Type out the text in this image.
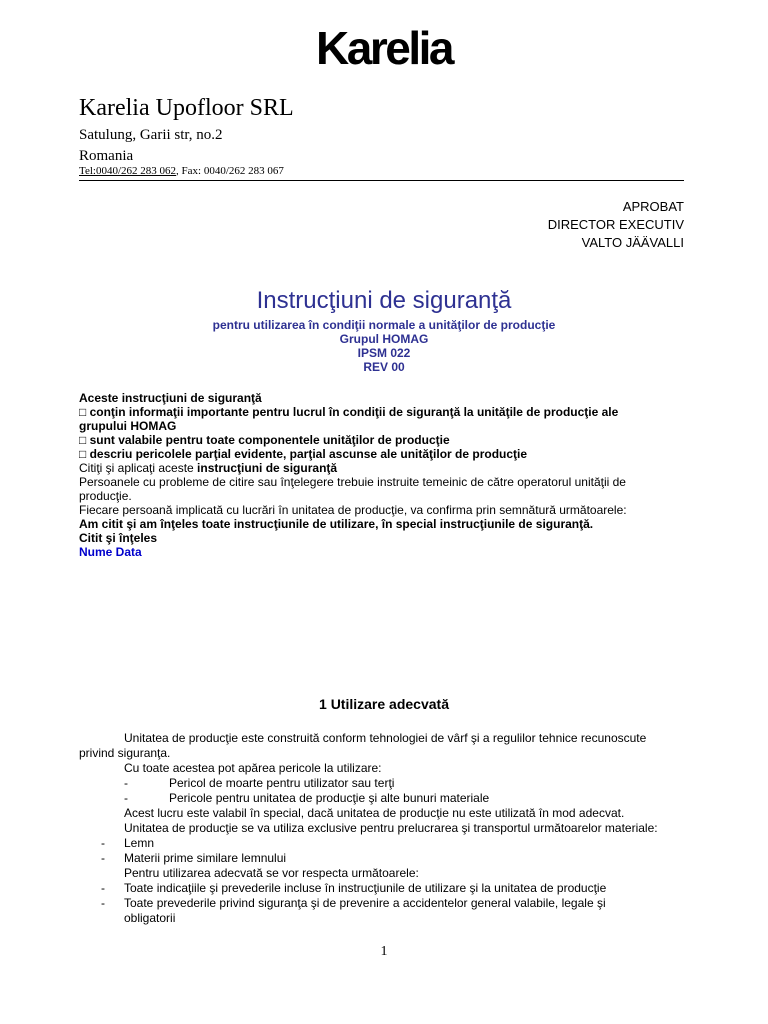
Karelia
Karelia Upofloor SRL
Satulung, Garii str, no.2
Romania
Tel:0040/262 283 062, Fax: 0040/262 283 067
APROBAT
DIRECTOR EXECUTIV
VALTO JÄÄVALLI
Instrucţiuni de siguranţă
pentru utilizarea în condiţii normale a unităţilor de producţie
Grupul HOMAG
IPSM 022
REV 00
Aceste instrucţiuni de siguranţă
□ conţin informaţii importante pentru lucrul în condiţii de siguranţă la unităţile de producţie ale
grupului HOMAG
□ sunt valabile pentru toate componentele unităţilor de producţie
□ descriu pericolele parţial evidente, parţial ascunse ale unităţilor de producţie
Citiţi şi aplicaţi aceste instrucţiuni de siguranţă
Persoanele cu probleme de citire sau înţelegere trebuie instruite temeinic de către operatorul unităţii de producţie.
Fiecare persoană implicată cu lucrări în unitatea de producţie, va confirma prin semnătură următoarele:
Am citit şi am înţeles toate instrucţiunile de utilizare, în special instrucţiunile de siguranţă.
Citit şi înţeles
Nume Data
1 Utilizare adecvată
Unitatea de producţie este construită conform tehnologiei de vârf şi a regulilor tehnice recunoscute
privind siguranţa.
Cu toate acestea pot apărea pericole la utilizare:
-	Pericol de moarte pentru utilizator sau terţi
-	Pericole pentru unitatea de producţie şi alte bunuri materiale
Acest lucru este valabil în special, dacă unitatea de producţie nu este utilizată în mod adecvat.
Unitatea de producţie se va utiliza exclusive pentru prelucrarea şi transportul următoarelor materiale:
- Lemn
- Materii prime similare lemnului
Pentru utilizarea adecvată se vor respecta următoarele:
- Toate indicaţiile şi prevederile incluse în instrucţiunile de utilizare şi la unitatea de producţie
- Toate prevederile privind siguranţa şi de prevenire a accidentelor general valabile, legale şi
obligatorii
1
